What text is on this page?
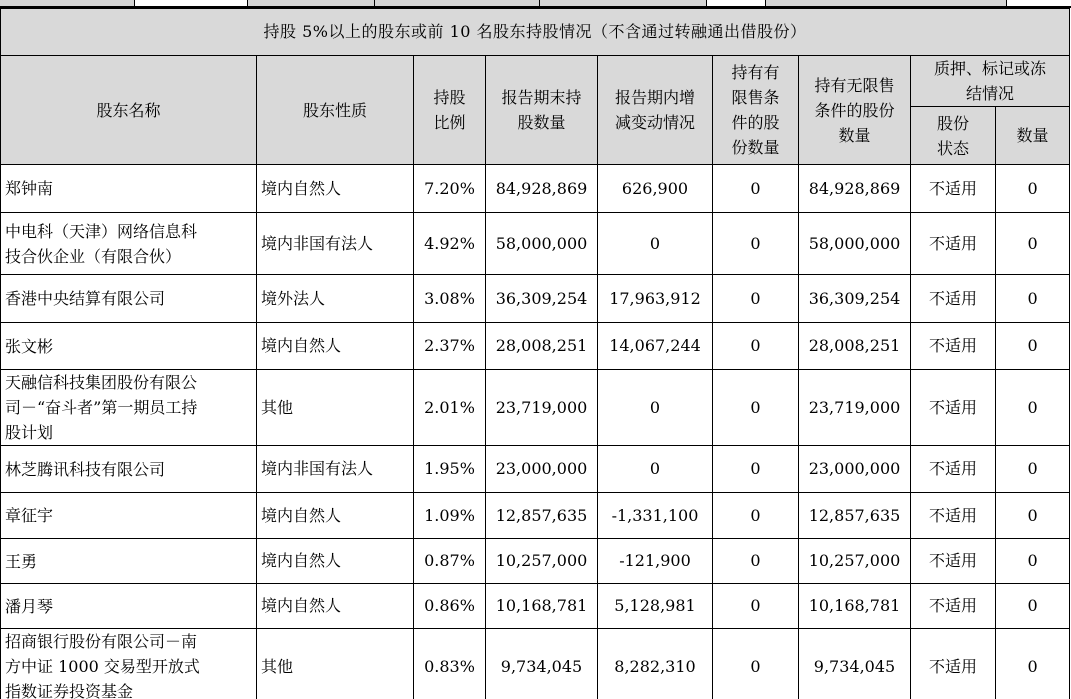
持股 5%以上的股东或前 10 名股东持股情况（不含通过转融通出借股份）								
股东名称	股东性质	持股比例	报告期末持股数量	报告期内增减变动情况	持有有限售条件的股份数量	持有无限售条件的股份数量	质押、标记或冻结情况	
							股份状态	数量
郑钟南	境内自然人	7.20%	84,928,869	626,900	0	84,928,869	不适用	0
中电科（天津）网络信息科技合伙企业（有限合伙）	境内非国有法人	4.92%	58,000,000	0	0	58,000,000	不适用	0
香港中央结算有限公司	境外法人	3.08%	36,309,254	17,963,912	0	36,309,254	不适用	0
张文彬	境内自然人	2.37%	28,008,251	14,067,244	0	28,008,251	不适用	0
天融信科技集团股份有限公司－“奋斗者”第一期员工持股计划	其他	2.01%	23,719,000	0	0	23,719,000	不适用	0
林芝腾讯科技有限公司	境内非国有法人	1.95%	23,000,000	0	0	23,000,000	不适用	0
章征宇	境内自然人	1.09%	12,857,635	-1,331,100	0	12,857,635	不适用	0
王勇	境内自然人	0.87%	10,257,000	-121,900	0	10,257,000	不适用	0
潘月琴	境内自然人	0.86%	10,168,781	5,128,981	0	10,168,781	不适用	0
招商银行股份有限公司－南方中证 1000 交易型开放式指数证券投资基金	其他	0.83%	9,734,045	8,282,310	0	9,734,045	不适用	0
